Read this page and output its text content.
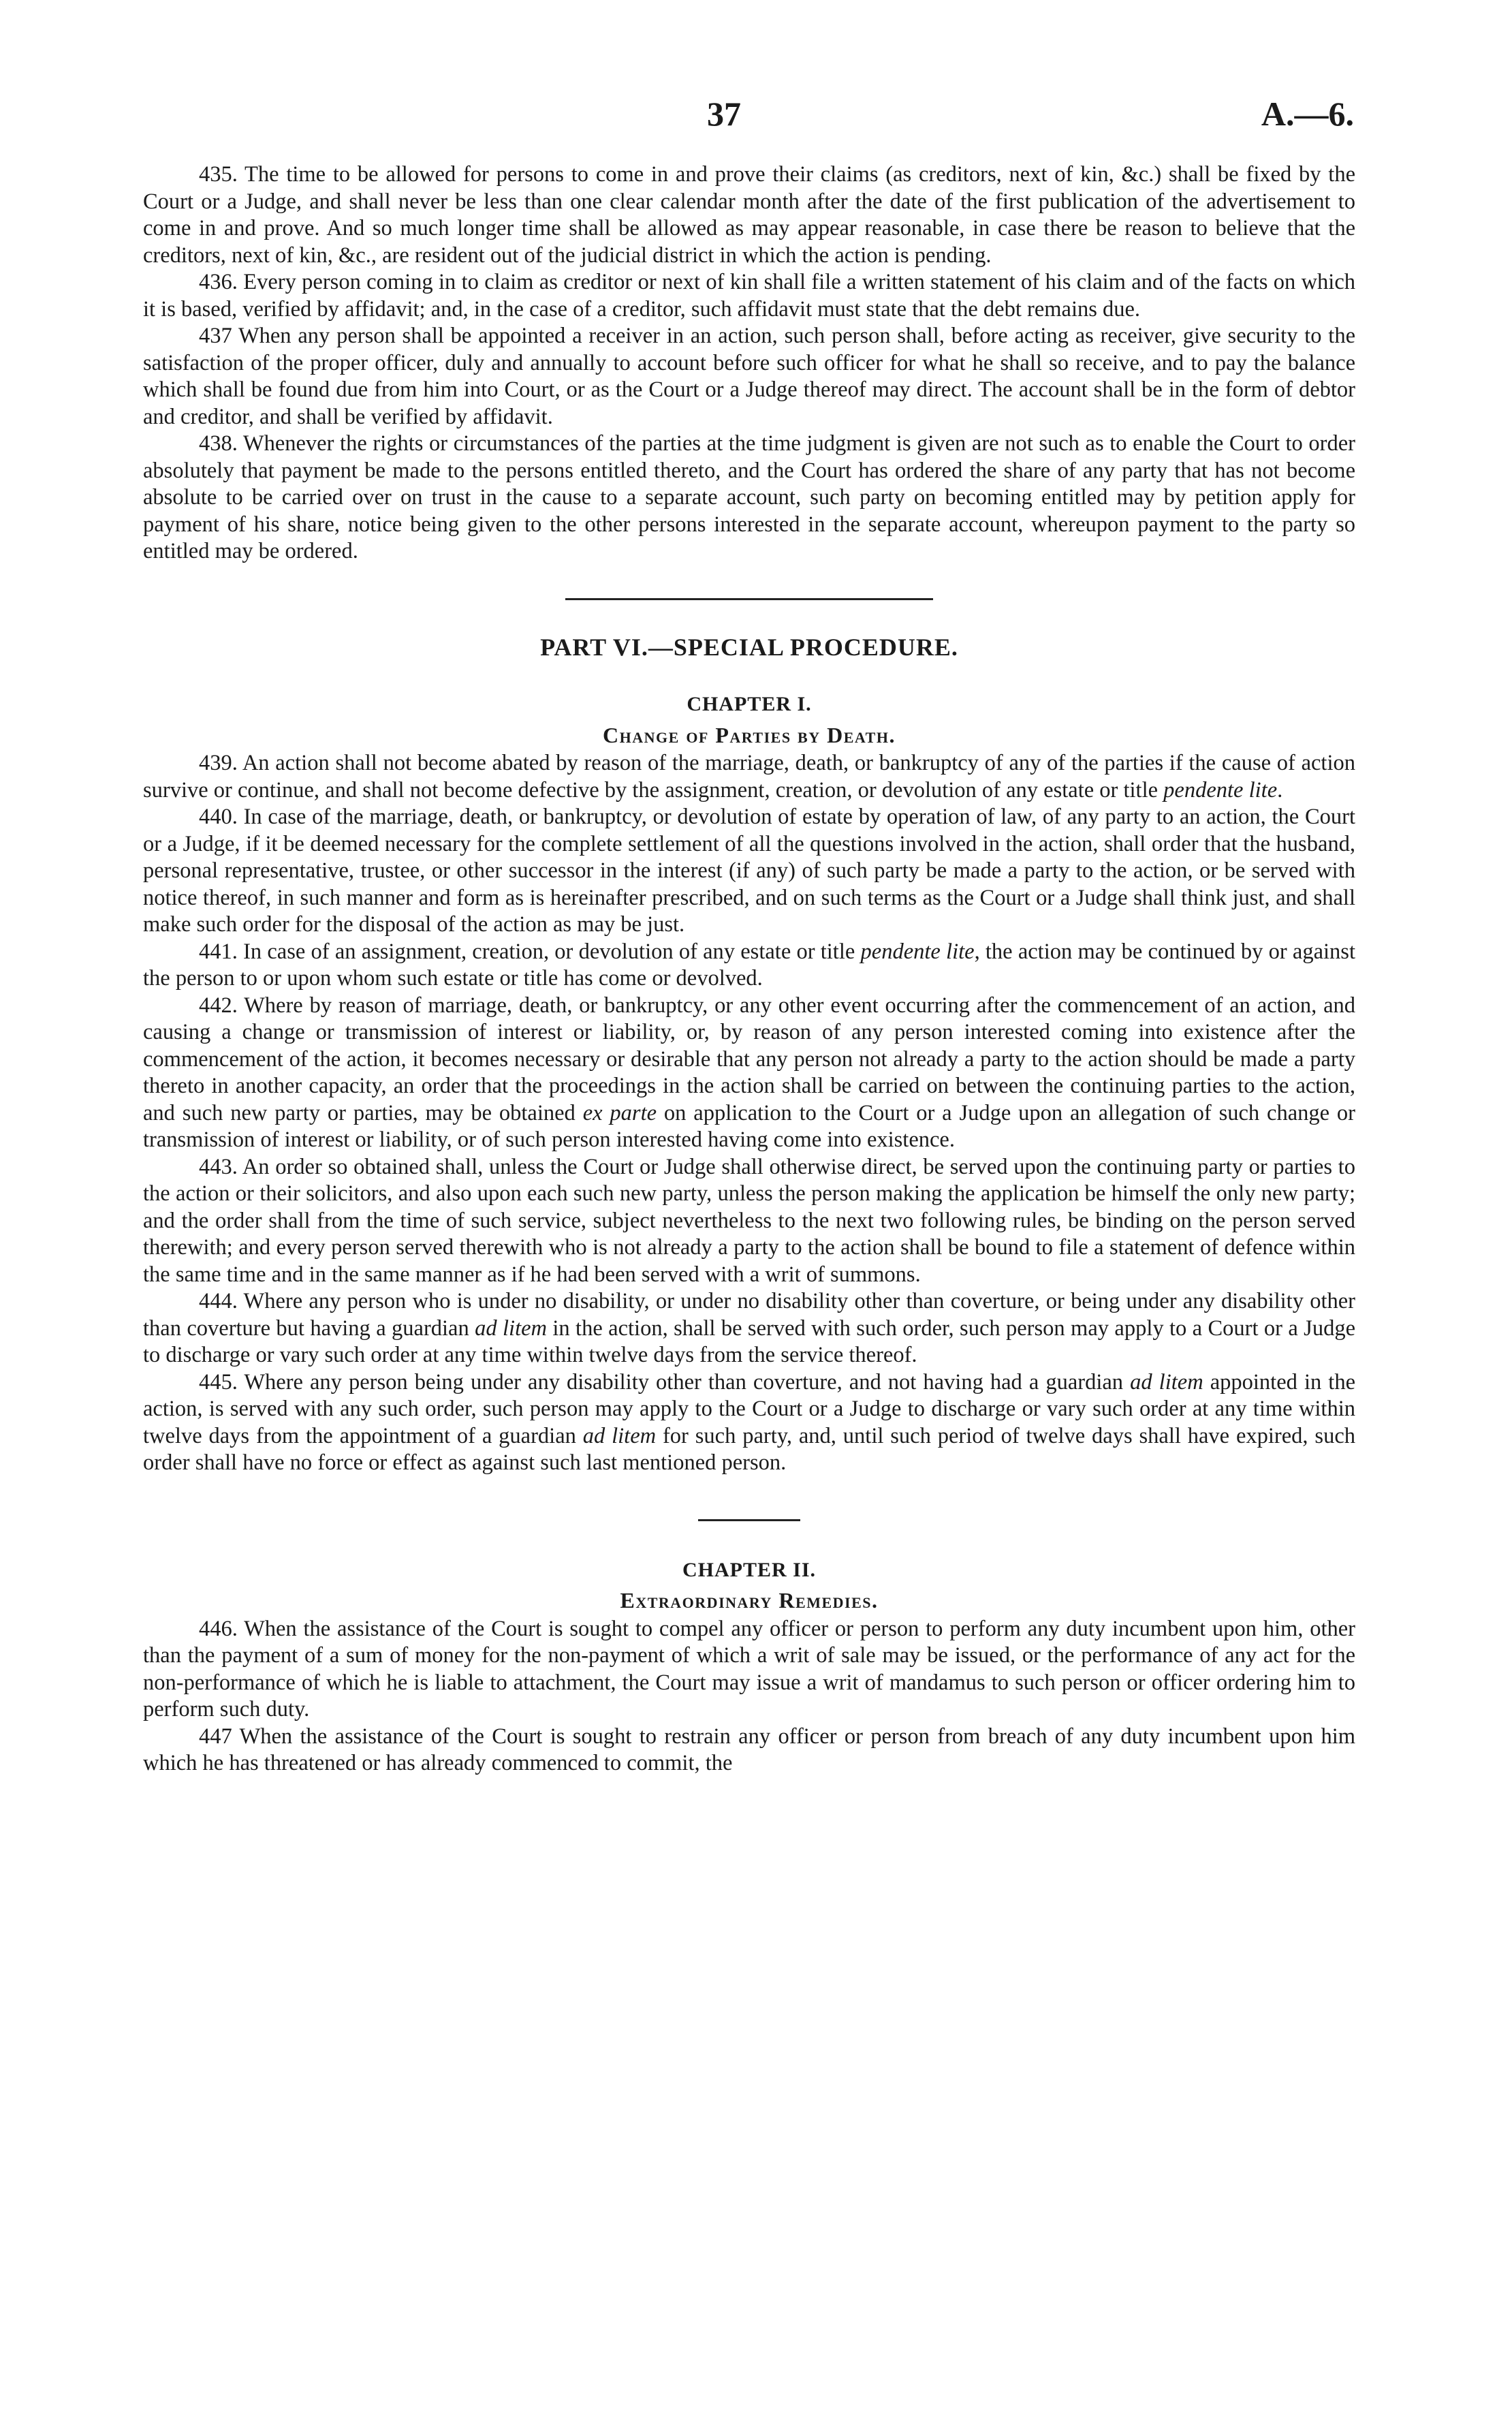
37	A.—6.

435. The time to be allowed for persons to come in and prove their claims (as creditors, next of kin, &c.) shall be fixed by the Court or a Judge, and shall never be less than one clear calendar month after the date of the first publication of the advertisement to come in and prove. And so much longer time shall be allowed as may appear reasonable, in case there be reason to believe that the creditors, next of kin, &c., are resident out of the judicial district in which the action is pending.

436. Every person coming in to claim as creditor or next of kin shall file a written statement of his claim and of the facts on which it is based, verified by affidavit; and, in the case of a creditor, such affidavit must state that the debt remains due.

437 When any person shall be appointed a receiver in an action, such person shall, before acting as receiver, give security to the satisfaction of the proper officer, duly and annually to account before such officer for what he shall so receive, and to pay the balance which shall be found due from him into Court, or as the Court or a Judge thereof may direct. The account shall be in the form of debtor and creditor, and shall be verified by affidavit.

438. Whenever the rights or circumstances of the parties at the time judgment is given are not such as to enable the Court to order absolutely that payment be made to the persons entitled thereto, and the Court has ordered the share of any party that has not become absolute to be carried over on trust in the cause to a separate account, such party on becoming entitled may by petition apply for payment of his share, notice being given to the other persons interested in the separate account, whereupon payment to the party so entitled may be ordered.

PART VI.—SPECIAL PROCEDURE.
CHAPTER I.
Change of Parties by Death.

439. An action shall not become abated by reason of the marriage, death, or bankruptcy of any of the parties if the cause of action survive or continue, and shall not become defective by the assignment, creation, or devolution of any estate or title pendente lite.

440. In case of the marriage, death, or bankruptcy, or devolution of estate by operation of law, of any party to an action, the Court or a Judge, if it be deemed necessary for the complete settlement of all the questions involved in the action, shall order that the husband, personal representative, trustee, or other successor in the interest (if any) of such party be made a party to the action, or be served with notice thereof, in such manner and form as is hereinafter prescribed, and on such terms as the Court or a Judge shall think just, and shall make such order for the disposal of the action as may be just.

441. In case of an assignment, creation, or devolution of any estate or title pendente lite, the action may be continued by or against the person to or upon whom such estate or title has come or devolved.

442. Where by reason of marriage, death, or bankruptcy, or any other event occurring after the commencement of an action, and causing a change or transmission of interest or liability, or, by reason of any person interested coming into existence after the commencement of the action, it becomes necessary or desirable that any person not already a party to the action should be made a party thereto in another capacity, an order that the proceedings in the action shall be carried on between the continuing parties to the action, and such new party or parties, may be obtained ex parte on application to the Court or a Judge upon an allegation of such change or transmission of interest or liability, or of such person interested having come into existence.

443. An order so obtained shall, unless the Court or Judge shall otherwise direct, be served upon the continuing party or parties to the action or their solicitors, and also upon each such new party, unless the person making the application be himself the only new party; and the order shall from the time of such service, subject nevertheless to the next two following rules, be binding on the person served therewith; and every person served therewith who is not already a party to the action shall be bound to file a statement of defence within the same time and in the same manner as if he had been served with a writ of summons.

444. Where any person who is under no disability, or under no disability other than coverture, or being under any disability other than coverture but having a guardian ad litem in the action, shall be served with such order, such person may apply to a Court or a Judge to discharge or vary such order at any time within twelve days from the service thereof.

445. Where any person being under any disability other than coverture, and not having had a guardian ad litem appointed in the action, is served with any such order, such person may apply to the Court or a Judge to discharge or vary such order at any time within twelve days from the appointment of a guardian ad litem for such party, and, until such period of twelve days shall have expired, such order shall have no force or effect as against such last mentioned person.

CHAPTER II.
Extraordinary Remedies.

446. When the assistance of the Court is sought to compel any officer or person to perform any duty incumbent upon him, other than the payment of a sum of money for the non-payment of which a writ of sale may be issued, or the performance of any act for the non-performance of which he is liable to attachment, the Court may issue a writ of mandamus to such person or officer ordering him to perform such duty.

447 When the assistance of the Court is sought to restrain any officer or person from breach of any duty incumbent upon him which he has threatened or has already commenced to commit, the
